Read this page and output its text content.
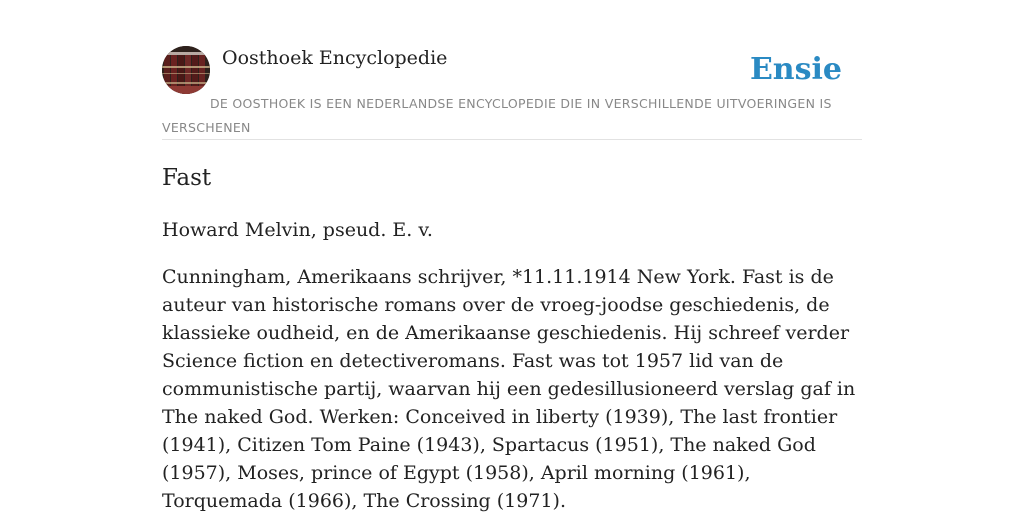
Oosthoek Encyclopedie	Ensie
DE OOSTHOEK IS EEN NEDERLANDSE ENCYCLOPEDIE DIE IN VERSCHILLENDE UITVOERINGEN IS VERSCHENEN
Fast

Howard Melvin, pseud. E. v.

Cunningham, Amerikaans schrijver, *11.11.1914 New York. Fast is de auteur van historische romans over de vroeg-joodse geschiedenis, de klassieke oudheid, en de Amerikaanse geschiedenis. Hij schreef verder Science fiction en detectiveromans. Fast was tot 1957 lid van de communistische partij, waarvan hij een gedesillusioneerd verslag gaf in The naked God. Werken: Conceived in liberty (1939), The last frontier (1941), Citizen Tom Paine (1943), Spartacus (1951), The naked God (1957), Moses, prince of Egypt (1958), April morning (1961), Torquemada (1966), The Crossing (1971).
